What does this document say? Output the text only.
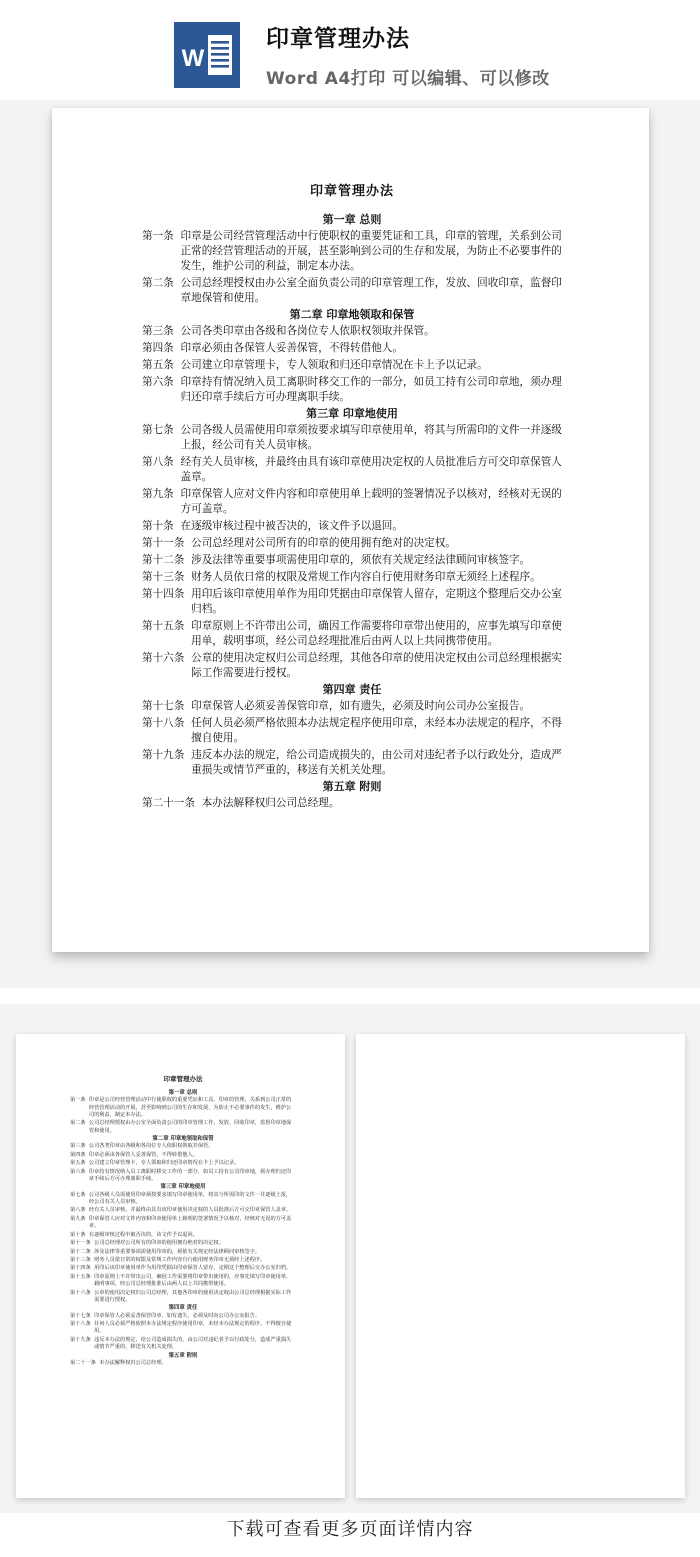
W
印章管理办法
Word A4打印 可以编辑、可以修改
印章管理办法
第一章 总则
第一条 印章是公司经营管理活动中行使职权的重要凭证和工具，印章的管理，关系到公司正常的经营管理活动的开展，甚至影响到公司的生存和发展，为防止不必要事件的发生，维护公司的利益，制定本办法。
第二条 公司总经理授权由办公室全面负责公司的印章管理工作，发放、回收印章，监督印章地保管和使用。
第二章 印章地领取和保管
第三条 公司各类印章由各级和各岗位专人依职权领取并保管。
第四条 印章必须由各保管人妥善保管，不得转借他人。
第五条 公司建立印章管理卡，专人领取和归还印章情况在卡上予以记录。
第六条 印章持有情况纳入员工离职时移交工作的一部分，如员工持有公司印章地，须办理归还印章手续后方可办理离职手续。
第三章 印章地使用
第七条 公司各级人员需使用印章须按要求填写印章使用单，将其与所需印的文件一并逐级上报，经公司有关人员审核。
第八条 经有关人员审核，并最终由具有该印章使用决定权的人员批准后方可交印章保管人盖章。
第九条 印章保管人应对文件内容和印章使用单上载明的签署情况予以核对，经核对无误的方可盖章。
第十条 在逐级审核过程中被否决的，该文件予以退回。
第十一条 公司总经理对公司所有的印章的使用拥有绝对的决定权。
第十二条 涉及法律等重要事项需使用印章的，须依有关规定经法律顾问审核签字。
第十三条 财务人员依日常的权限及常规工作内容自行使用财务印章无须经上述程序。
第十四条 用印后该印章使用单作为用印凭据由印章保管人留存，定期这个整理后交办公室归档。
第十五条 印章原则上不许带出公司，确因工作需要将印章带出使用的，应事先填写印章使用单，载明事项，经公司总经理批准后由两人以上共同携带使用。
第十六条 公章的使用决定权归公司总经理，其他各印章的使用决定权由公司总经理根据实际工作需要进行授权。
第四章 责任
第十七条 印章保管人必须妥善保管印章，如有遗失，必须及时向公司办公室报告。
第十八条 任何人员必须严格依照本办法规定程序使用印章，未经本办法规定的程序，不得擅自使用。
第十九条 违反本办法的规定，给公司造成损失的，由公司对违纪者予以行政处分，造成严重损失或情节严重的，移送有关机关处理。
第五章 附则
第二十一条 本办法解释权归公司总经理。
印章管理办法
第一章 总则
第一条 印章是公司经营管理活动中行使职权的重要凭证和工具，印章的管理，关系到公司正常的经营管理活动的开展，甚至影响到公司的生存和发展，为防止不必要事件的发生，维护公司的利益，制定本办法。
第二条 公司总经理授权由办公室全面负责公司的印章管理工作，发放、回收印章，监督印章地保管和使用。
第二章 印章地领取和保管
第三条 公司各类印章由各级和各岗位专人依职权领取并保管。
第四条 印章必须由各保管人妥善保管，不得转借他人。
第五条 公司建立印章管理卡，专人领取和归还印章情况在卡上予以记录。
第六条 印章持有情况纳入员工离职时移交工作的一部分，如员工持有公司印章地，须办理归还印章手续后方可办理离职手续。
第三章 印章地使用
第七条 公司各级人员需使用印章须按要求填写印章使用单，将其与所需印的文件一并逐级上报，经公司有关人员审核。
第八条 经有关人员审核，并最终由具有该印章使用决定权的人员批准后方可交印章保管人盖章。
第九条 印章保管人应对文件内容和印章使用单上载明的签署情况予以核对，经核对无误的方可盖章。
第十条 在逐级审核过程中被否决的，该文件予以退回。
第十一条 公司总经理对公司所有的印章的使用拥有绝对的决定权。
第十二条 涉及法律等重要事项需使用印章的，须依有关规定经法律顾问审核签字。
第十三条 财务人员依日常的权限及常规工作内容自行使用财务印章无须经上述程序。
第十四条 用印后该印章使用单作为用印凭据由印章保管人留存，定期这个整理后交办公室归档。
第十五条 印章原则上不许带出公司，确因工作需要将印章带出使用的，应事先填写印章使用单，载明事项，经公司总经理批准后由两人以上共同携带使用。
第十六条 公章的使用决定权归公司总经理，其他各印章的使用决定权由公司总经理根据实际工作需要进行授权。
第四章 责任
第十七条 印章保管人必须妥善保管印章，如有遗失，必须及时向公司办公室报告。
第十八条 任何人员必须严格依照本办法规定程序使用印章，未经本办法规定的程序，不得擅自使用。
第十九条 违反本办法的规定，给公司造成损失的，由公司对违纪者予以行政处分，造成严重损失或情节严重的，移送有关机关处理。
第五章 附则
第二十一条 本办法解释权归公司总经理。
下载可查看更多页面详情内容
